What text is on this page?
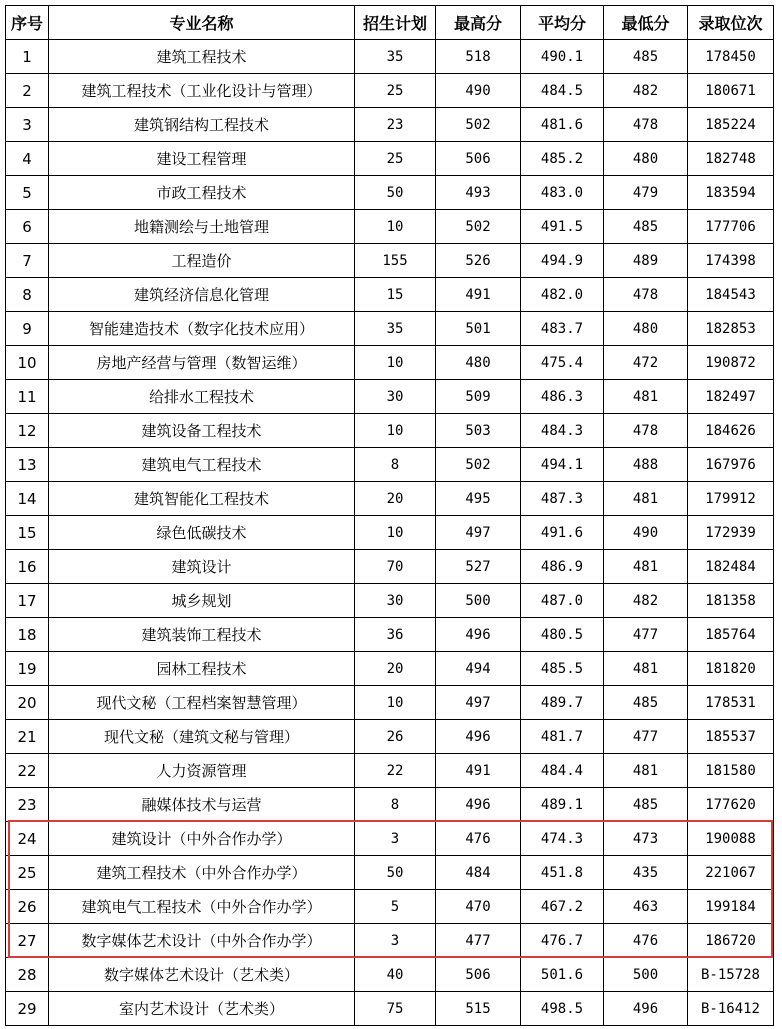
序号	专业名称	招生计划	最高分	平均分	最低分	录取位次
1	建筑工程技术	35	518	490.1	485	178450
2	建筑工程技术（工业化设计与管理）	25	490	484.5	482	180671
3	建筑钢结构工程技术	23	502	481.6	478	185224
4	建设工程管理	25	506	485.2	480	182748
5	市政工程技术	50	493	483.0	479	183594
6	地籍测绘与土地管理	10	502	491.5	485	177706
7	工程造价	155	526	494.9	489	174398
8	建筑经济信息化管理	15	491	482.0	478	184543
9	智能建造技术（数字化技术应用）	35	501	483.7	480	182853
10	房地产经营与管理（数智运维）	10	480	475.4	472	190872
11	给排水工程技术	30	509	486.3	481	182497
12	建筑设备工程技术	10	503	484.3	478	184626
13	建筑电气工程技术	8	502	494.1	488	167976
14	建筑智能化工程技术	20	495	487.3	481	179912
15	绿色低碳技术	10	497	491.6	490	172939
16	建筑设计	70	527	486.9	481	182484
17	城乡规划	30	500	487.0	482	181358
18	建筑装饰工程技术	36	496	480.5	477	185764
19	园林工程技术	20	494	485.5	481	181820
20	现代文秘（工程档案智慧管理）	10	497	489.7	485	178531
21	现代文秘（建筑文秘与管理）	26	496	481.7	477	185537
22	人力资源管理	22	491	484.4	481	181580
23	融媒体技术与运营	8	496	489.1	485	177620
24	建筑设计（中外合作办学）	3	476	474.3	473	190088
25	建筑工程技术（中外合作办学）	50	484	451.8	435	221067
26	建筑电气工程技术（中外合作办学）	5	470	467.2	463	199184
27	数字媒体艺术设计（中外合作办学）	3	477	476.7	476	186720
28	数字媒体艺术设计（艺术类）	40	506	501.6	500	B-15728
29	室内艺术设计（艺术类）	75	515	498.5	496	B-16412
